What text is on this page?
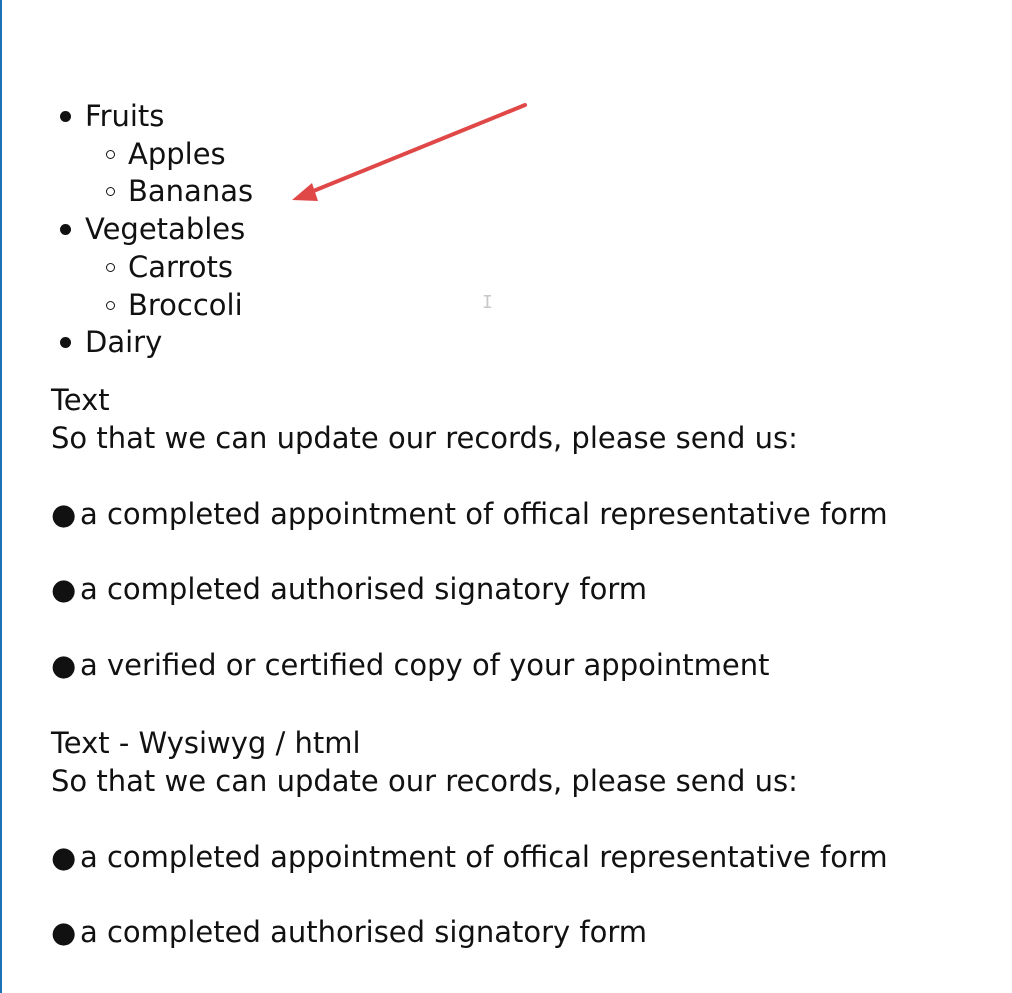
Fruits
Apples
Bananas
Vegetables
Carrots
Broccoli
Dairy
Text
So that we can update our records, please send us:
● a completed appointment of offical representative form
● a completed authorised signatory form
● a verified or certified copy of your appointment
Text - Wysiwyg / html
So that we can update our records, please send us:
● a completed appointment of offical representative form
● a completed authorised signatory form
I
